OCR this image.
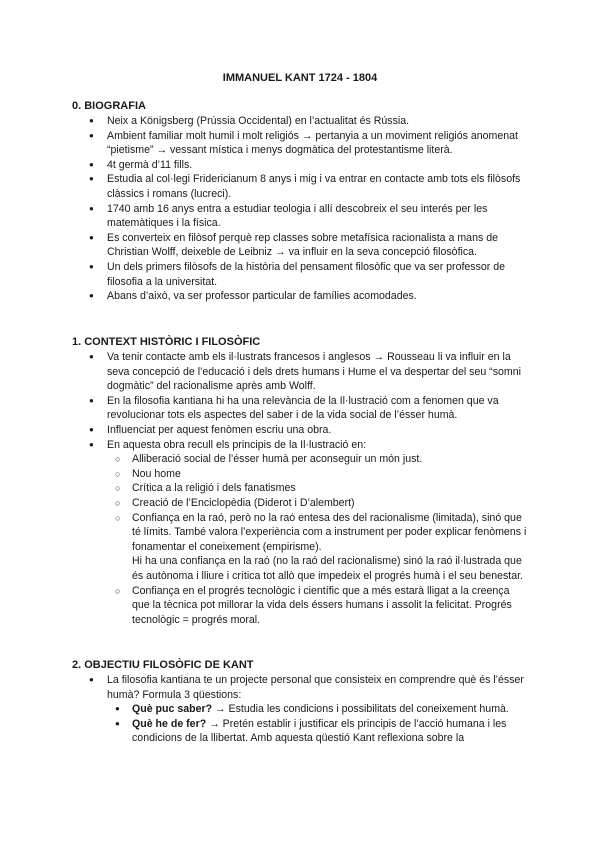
IMMANUEL KANT 1724 - 1804
0. BIOGRAFIA
● Neix a Königsberg (Prússia Occidental) en l’actualitat és Rússia.
● Ambient familiar molt humil i molt religiós → pertanyia a un moviment religiós anomenat “pietisme” → vessant mística i menys dogmàtica del protestantisme literà.
● 4t germà d’11 fills.
● Estudia al col·legi Fridericianum 8 anys i mig i va entrar en contacte amb tots els filòsofs clàssics i romans (lucreci).
● 1740 amb 16 anys entra a estudiar teologia i allí descobreix el seu interés per les matemàtiques i la física.
● Es converteix en filòsof perquè rep classes sobre metafísica racionalista a mans de Christian Wolff, deixeble de Leibniz → va influir en la seva concepció filosòfica.
● Un dels primers filòsofs de la història del pensament filosòfic que va ser professor de filosofia a la universitat.
● Abans d’això, va ser professor particular de famílies acomodades.
1. CONTEXT HISTÒRIC I FILOSÒFIC
● Va tenir contacte amb els il·lustrats francesos i anglesos → Rousseau li va influir en la seva concepció de l’educació i dels drets humans i Hume el va despertar del seu “somni dogmàtic” del racionalisme après amb Wolff.
● En la filosofia kantiana hi ha una relevància de la Il·lustració com a fenomen que va revolucionar tots els aspectes del saber i de la vida social de l’ésser humà.
● Influenciat per aquest fenòmen escriu una obra.
● En aquesta obra recull els principis de la Il·lustració en:
○ Alliberació social de l’ésser humà per aconseguir un món just.
○ Nou home
○ Crítica a la religió i dels fanatismes
○ Creació de l’Enciclopèdia (Diderot i D’alembert)
○ Confiança en la raó, però no la raó entesa des del racionalisme (limitada), sinó que té límits. També valora l’experiència com a instrument per poder explicar fenòmens i fonamentar el coneixement (empirisme).
Hi ha una confiança en la raó (no la raó del racionalisme) sinó la raó il·lustrada que és autònoma i lliure i crítica tot allò que impedeix el progrés humà i el seu benestar.
○ Confiança en el progrés tecnològic i científic que a més estarà lligat a la creença que la tècnica pot millorar la vida dels éssers humans i assolit la felicitat. Progrés tecnològic = progrés moral.
2. OBJECTIU FILOSÒFIC DE KANT
● La filosofia kantiana te un projecte personal que consisteix en comprendre què és l’ésser humà? Formula 3 qüestions:
● Què puc saber? → Estudia les condicions i possibilitats del coneixement humà.
● Què he de fer? → Pretén establir i justificar els principis de l’acció humana i les condicions de la llibertat. Amb aquesta qüestió Kant reflexiona sobre la
